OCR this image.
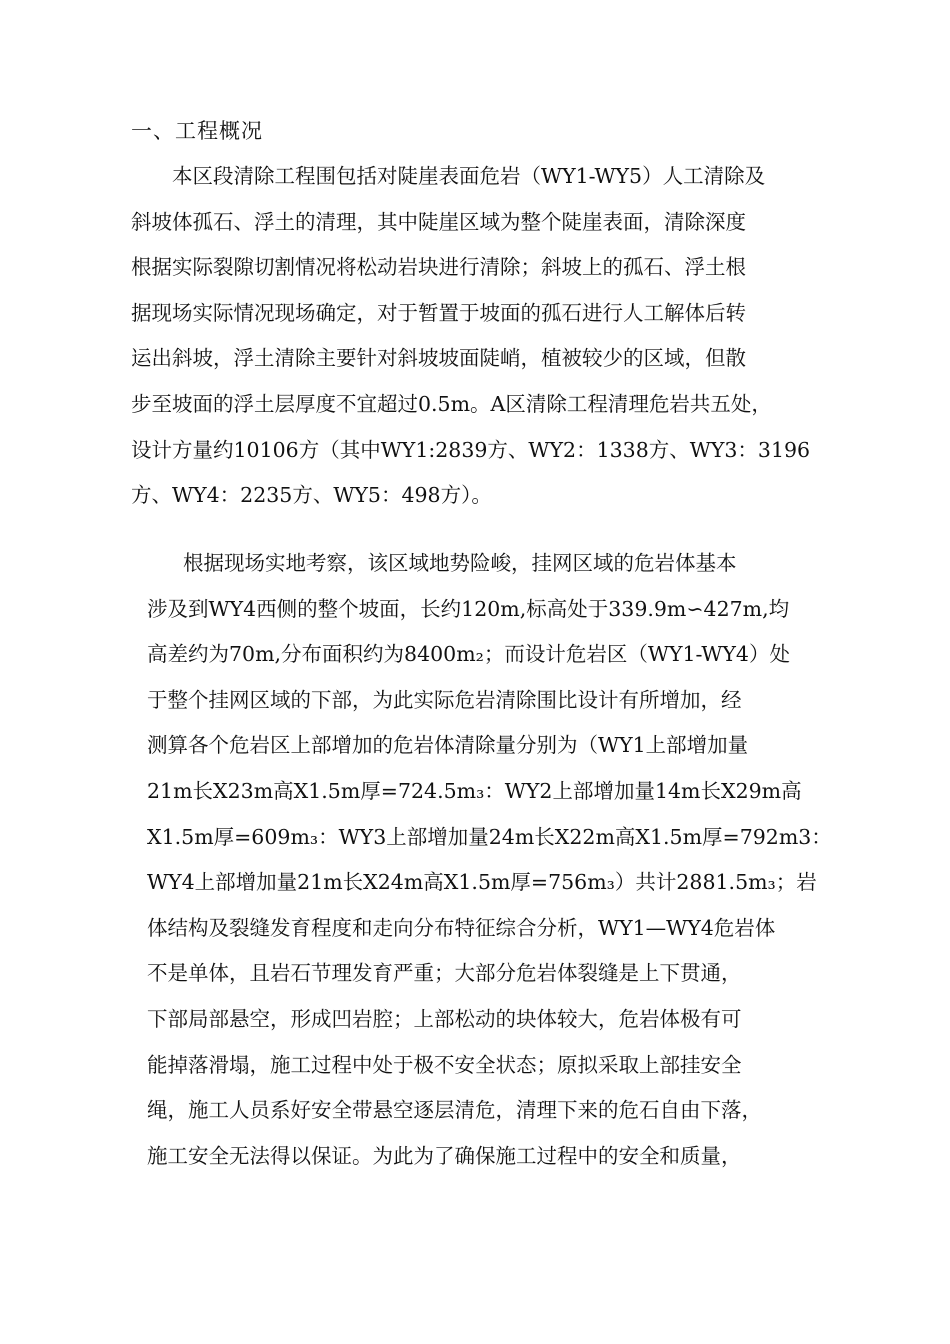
一、工程概况
本区段清除工程围包括对陡崖表面危岩（WY1-WY5）人工清除及
斜坡体孤石、浮土的清理，其中陡崖区域为整个陡崖表面，清除深度
根据实际裂隙切割情况将松动岩块进行清除；斜坡上的孤石、浮土根
据现场实际情况现场确定，对于暂置于坡面的孤石进行人工解体后转
运出斜坡，浮土清除主要针对斜坡坡面陡峭，植被较少的区域，但散
步至坡面的浮土层厚度不宜超过0.5m。A区清除工程清理危岩共五处，
设计方量约10106方（其中WY1:2839方、WY2：1338方、WY3：3196
方、WY4：2235方、WY5：498方）。
根据现场实地考察，该区域地势险峻，挂网区域的危岩体基本
涉及到WY4西侧的整个坡面，长约120m,标高处于339.9m∽427m,均
高差约为70m,分布面积约为8400m₂；而设计危岩区（WY1-WY4）处
于整个挂网区域的下部，为此实际危岩清除围比设计有所增加，经
测算各个危岩区上部增加的危岩体清除量分别为（WY1上部增加量
21m长X23m高X1.5m厚=724.5m₃：WY2上部增加量14m长X29m高
X1.5m厚=609m₃：WY3上部增加量24m长X22m高X1.5m厚=792m3：
WY4上部增加量21m长X24m高X1.5m厚=756m₃）共计2881.5m₃；岩
体结构及裂缝发育程度和走向分布特征综合分析，WY1—WY4危岩体
不是单体，且岩石节理发育严重；大部分危岩体裂缝是上下贯通，
下部局部悬空，形成凹岩腔；上部松动的块体较大，危岩体极有可
能掉落滑塌，施工过程中处于极不安全状态；原拟采取上部挂安全
绳，施工人员系好安全带悬空逐层清危，清理下来的危石自由下落，
施工安全无法得以保证。为此为了确保施工过程中的安全和质量，
